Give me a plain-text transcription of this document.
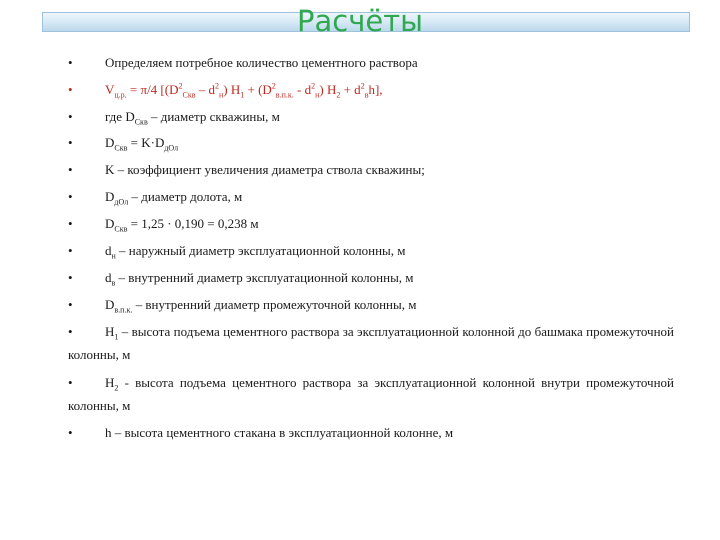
Расчёты
• Определяем потребное количество цементного раствора
• $V_{ц.р.} = \pi/4$ $[(D^2_{Скв} - d^2_н) H_1 + (D^2_{в.п.к.} - d^2_н) H_2 + d^2_вh]$,
• где $D_{Скв}$ – диаметр скважины, м
• $D_{Скв} = K\cdot D_{дОл}$
• K – коэффициент увеличения диаметра ствола скважины;
• $D_{дОл}$ – диаметр долота, м
• $D_{Скв} = 1,25 \cdot 0,190 = 0,238$ м
• $d_н$ – наружный диаметр эксплуатационной колонны, м
• $d_в$ – внутренний диаметр эксплуатационной колонны, м
• $D_{в.п.к.}$ – внутренний диаметр промежуточной колонны, м
• $H_1$ – высота подъема цементного раствора за эксплуатационной колонной до башмака промежуточной колонны, м
• $H_2$ - высота подъема цементного раствора за эксплуатационной колонной внутри промежуточной колонны, м
• h – высота цементного стакана в эксплуатационной колонне, м
